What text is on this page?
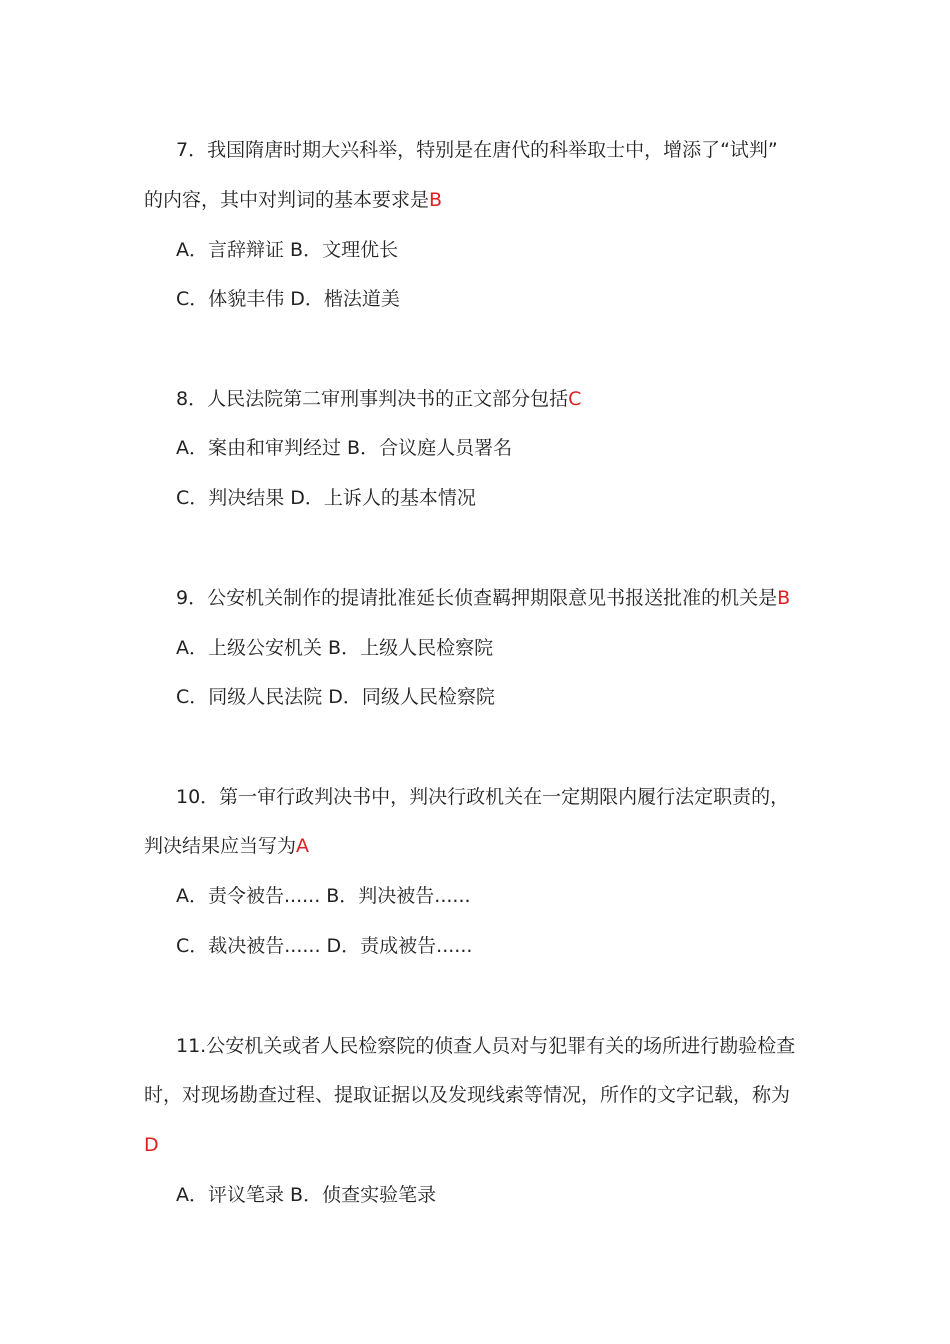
7．我国隋唐时期大兴科举，特别是在唐代的科举取士中，增添了“试判”
的内容，其中对判词的基本要求是B
A．言辞辩证 B．文理优长
C．体貌丰伟 D．楷法道美
8．人民法院第二审刑事判决书的正文部分包括C
A．案由和审判经过 B．合议庭人员署名
C．判决结果 D．上诉人的基本情况
9．公安机关制作的提请批准延长侦查羁押期限意见书报送批准的机关是B
A．上级公安机关 B．上级人民检察院
C．同级人民法院 D．同级人民检察院
10．第一审行政判决书中，判决行政机关在一定期限内履行法定职责的，
判决结果应当写为A
A．责令被告...... B．判决被告......
C．裁决被告...... D．责成被告......
11.公安机关或者人民检察院的侦查人员对与犯罪有关的场所进行勘验检查
时，对现场勘查过程、提取证据以及发现线索等情况，所作的文字记载，称为
D
A．评议笔录 B．侦查实验笔录
